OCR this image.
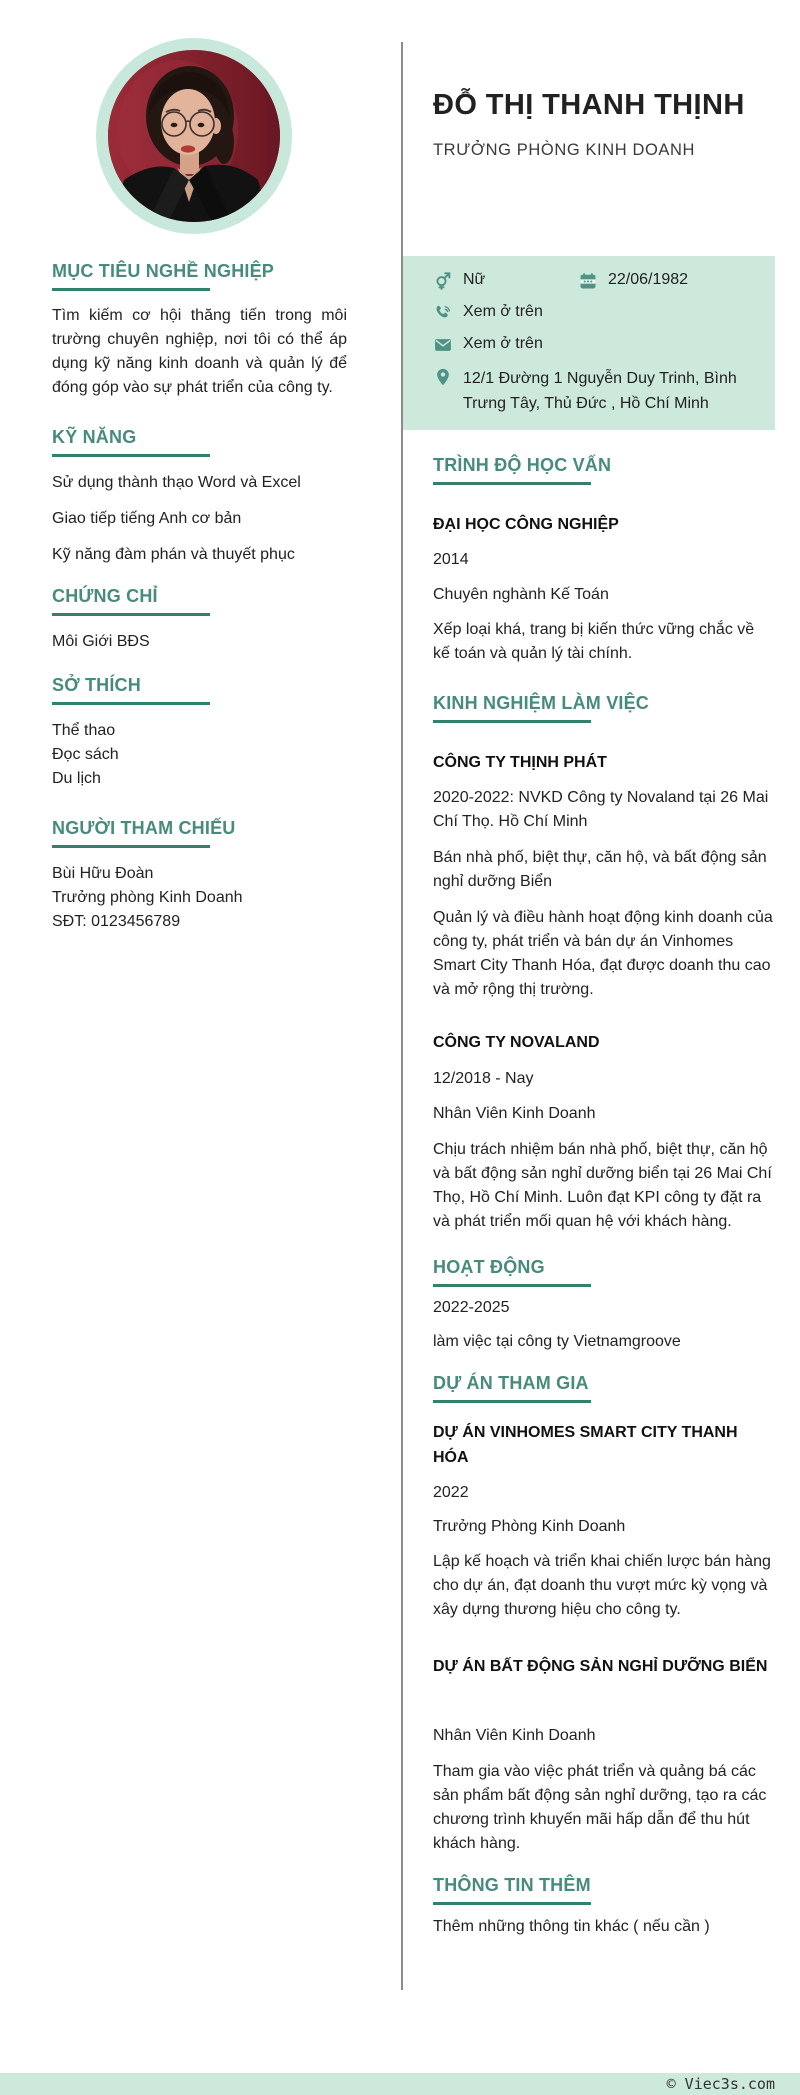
MỤC TIÊU NGHỀ NGHIỆP

Tìm kiếm cơ hội thăng tiến trong môi trường chuyên nghiệp, nơi tôi có thể áp dụng kỹ năng kinh doanh và quản lý để đóng góp vào sự phát triển của công ty.

KỸ NĂNG
Sử dụng thành thạo Word và Excel
Giao tiếp tiếng Anh cơ bản
Kỹ năng đàm phán và thuyết phục
CHỨNG CHỈ
Môi Giới BĐS
SỞ THÍCH
Thể thao
Đọc sách
Du lịch
NGƯỜI THAM CHIẾU
Bùi Hữu Đoàn
Trưởng phòng Kinh Doanh
SĐT: 0123456789
ĐỖ THỊ THANH THỊNH
TRƯỞNG PHÒNG KINH DOANH
Nữ	22/06/1982
Xem ở trên
Xem ở trên
12/1 Đường 1 Nguyễn Duy Trinh, Bình Trưng Tây, Thủ Đức , Hồ Chí Minh
TRÌNH ĐỘ HỌC VẤN

ĐẠI HỌC CÔNG NGHIỆP

2014

Chuyên nghành Kế Toán

Xếp loại khá, trang bị kiến thức vững chắc về kế toán và quản lý tài chính.

KINH NGHIỆM LÀM VIỆC

CÔNG TY THỊNH PHÁT

2020-2022: NVKD Công ty Novaland tại 26 Mai Chí Thọ. Hồ Chí Minh

Bán nhà phố, biệt thự, căn hộ, và bất động sản nghỉ dưỡng Biển

Quản lý và điều hành hoạt động kinh doanh của công ty, phát triển và bán dự án Vinhomes Smart City Thanh Hóa, đạt được doanh thu cao và mở rộng thị trường.

CÔNG TY NOVALAND

12/2018 - Nay

Nhân Viên Kinh Doanh

Chịu trách nhiệm bán nhà phố, biệt thự, căn hộ và bất động sản nghỉ dưỡng biển tại 26 Mai Chí Thọ, Hồ Chí Minh. Luôn đạt KPI công ty đặt ra và phát triển mối quan hệ với khách hàng.

HOẠT ĐỘNG

2022-2025

làm việc tại công ty Vietnamgroove

DỰ ÁN THAM GIA

DỰ ÁN VINHOMES SMART CITY THANH HÓA

2022

Trưởng Phòng Kinh Doanh

Lập kế hoạch và triển khai chiến lược bán hàng cho dự án, đạt doanh thu vượt mức kỳ vọng và xây dựng thương hiệu cho công ty.

DỰ ÁN BẤT ĐỘNG SẢN NGHỈ DƯỠNG BIỂN

Nhân Viên Kinh Doanh

Tham gia vào việc phát triển và quảng bá các sản phẩm bất động sản nghỉ dưỡng, tạo ra các chương trình khuyến mãi hấp dẫn để thu hút khách hàng.

THÔNG TIN THÊM

Thêm những thông tin khác ( nếu cần )

© Viec3s.com
